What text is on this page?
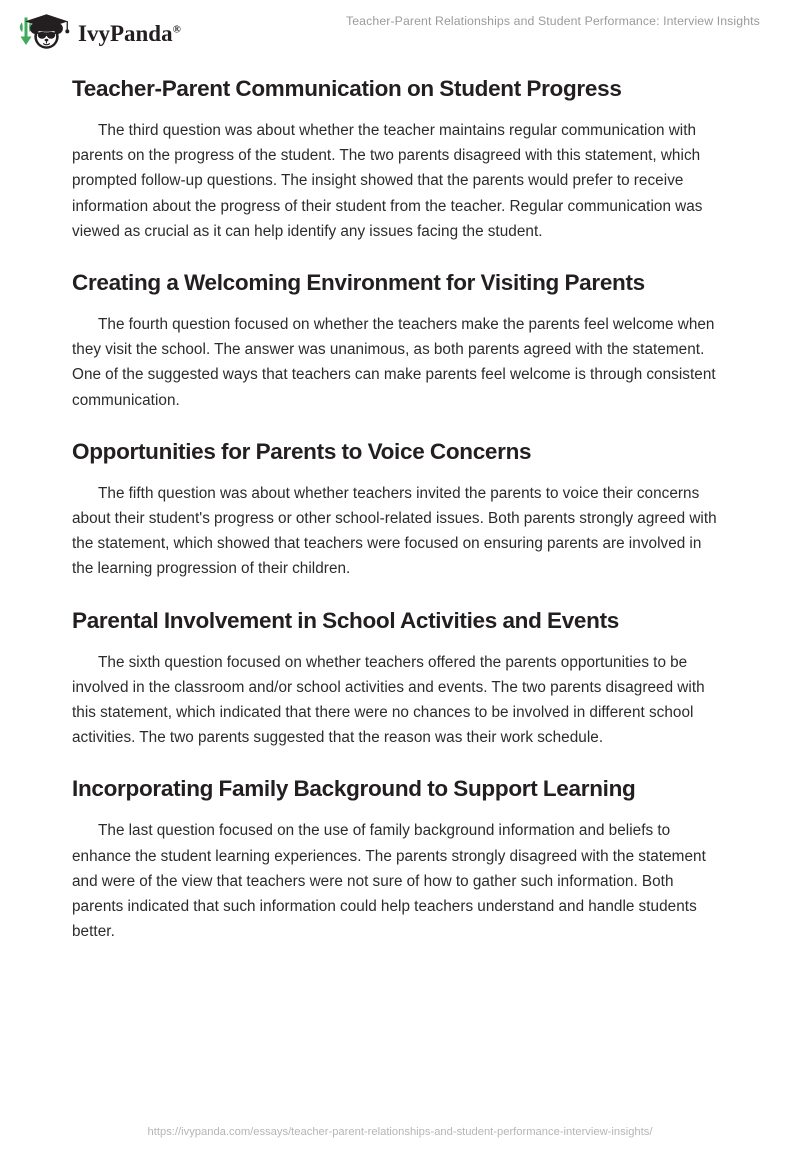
IvyPanda®
Teacher-Parent Relationships and Student Performance: Interview Insights
Teacher-Parent Communication on Student Progress

The third question was about whether the teacher maintains regular communication with parents on the progress of the student. The two parents disagreed with this statement, which prompted follow-up questions. The insight showed that the parents would prefer to receive information about the progress of their student from the teacher. Regular communication was viewed as crucial as it can help identify any issues facing the student.

Creating a Welcoming Environment for Visiting Parents

The fourth question focused on whether the teachers make the parents feel welcome when they visit the school. The answer was unanimous, as both parents agreed with the statement. One of the suggested ways that teachers can make parents feel welcome is through consistent communication.

Opportunities for Parents to Voice Concerns

The fifth question was about whether teachers invited the parents to voice their concerns about their student's progress or other school-related issues. Both parents strongly agreed with the statement, which showed that teachers were focused on ensuring parents are involved in the learning progression of their children.

Parental Involvement in School Activities and Events

The sixth question focused on whether teachers offered the parents opportunities to be involved in the classroom and/or school activities and events. The two parents disagreed with this statement, which indicated that there were no chances to be involved in different school activities. The two parents suggested that the reason was their work schedule.

Incorporating Family Background to Support Learning

The last question focused on the use of family background information and beliefs to enhance the student learning experiences. The parents strongly disagreed with the statement and were of the view that teachers were not sure of how to gather such information. Both parents indicated that such information could help teachers understand and handle students better.

https://ivypanda.com/essays/teacher-parent-relationships-and-student-performance-interview-insights/
